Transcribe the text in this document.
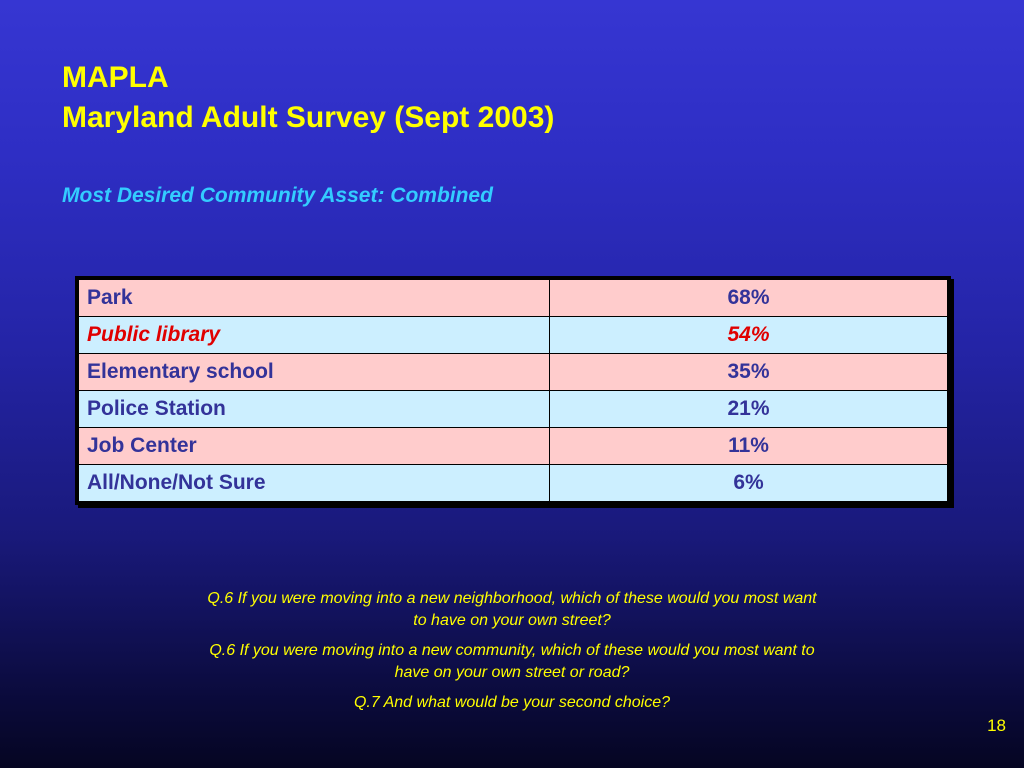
MAPLA
Maryland Adult Survey (Sept 2003)
Most Desired Community Asset: Combined
Park	68%
Public library	54%
Elementary school	35%
Police Station	21%
Job Center	11%
All/None/Not Sure	6%

Q.6 If you were moving into a new neighborhood, which of these would you most want to have on your own street?

Q.6 If you were moving into a new community, which of these would you most want to have on your own street or road?

Q.7 And what would be your second choice?

18
